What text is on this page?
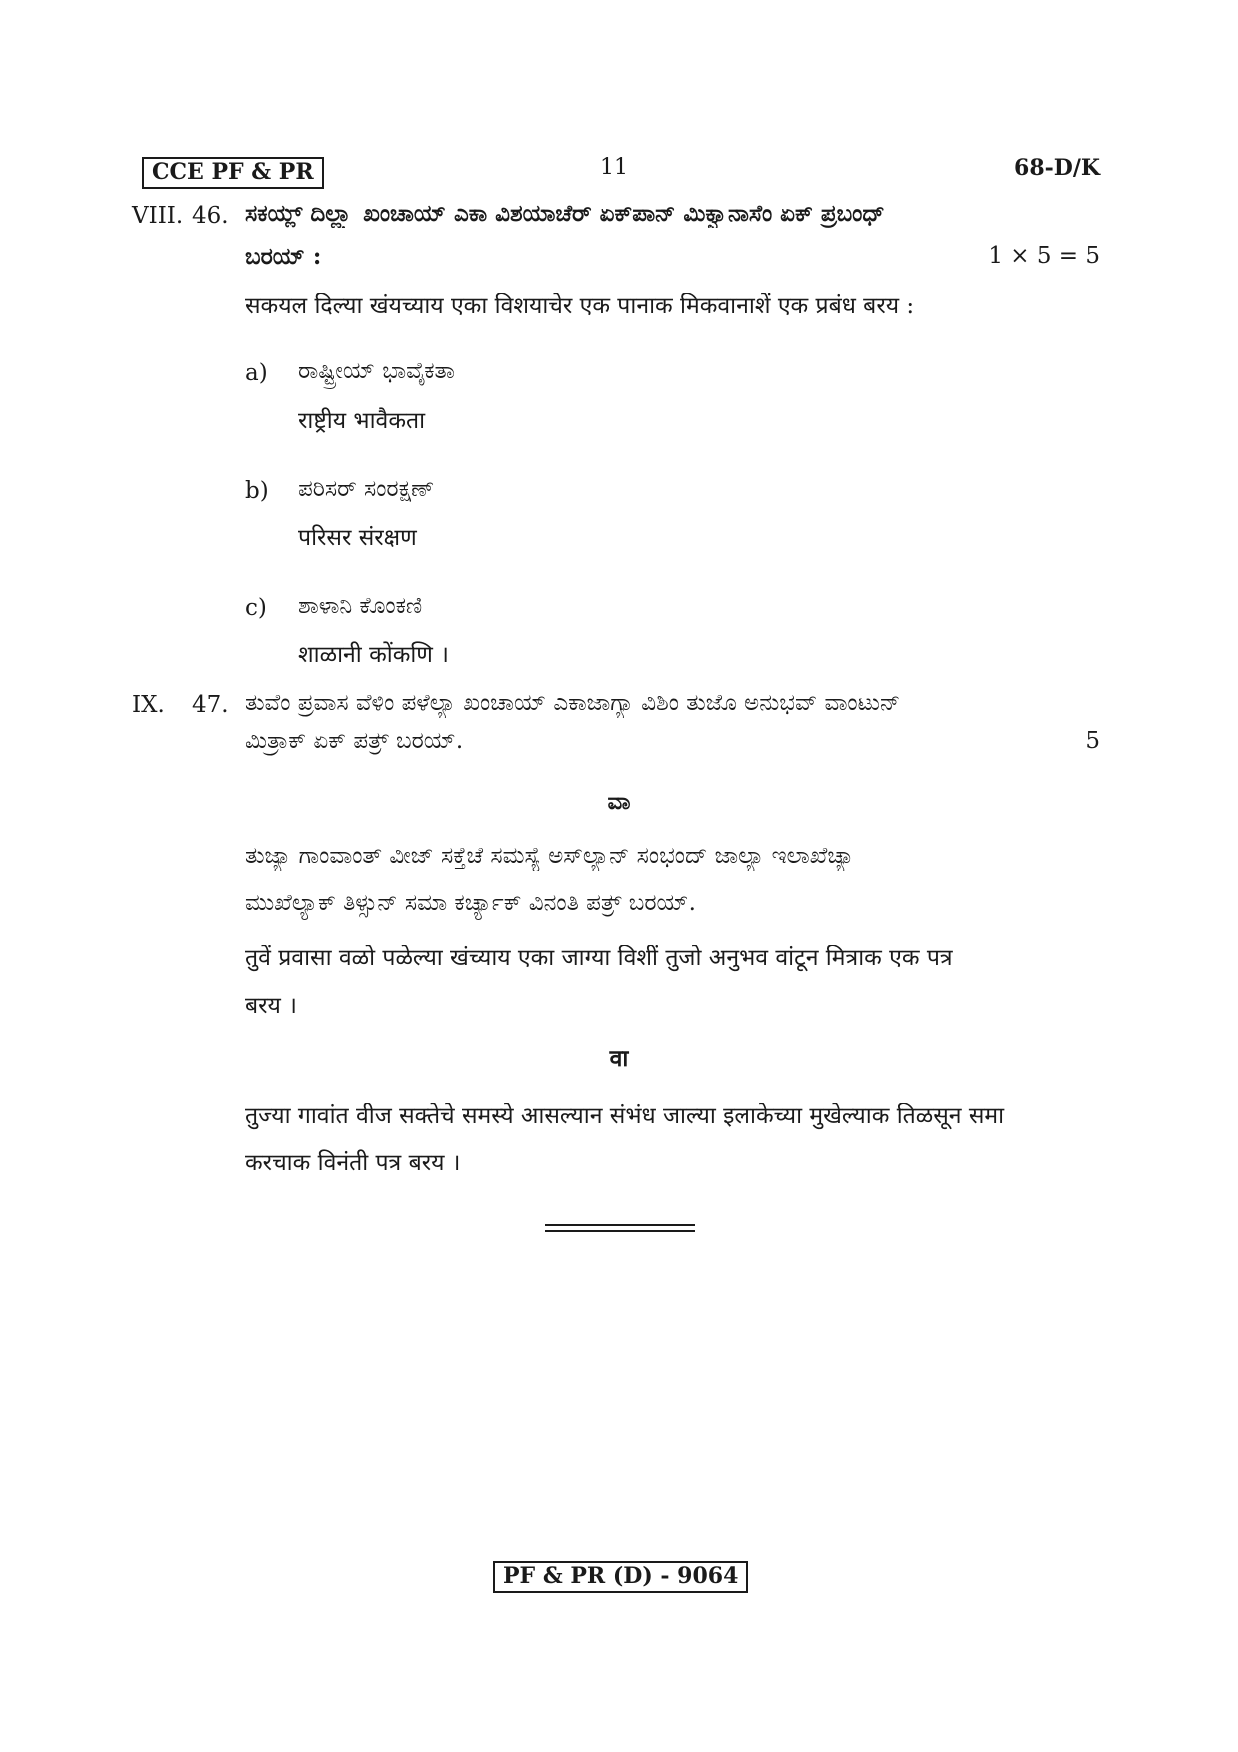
CCE PF & PR	11	68-D/K
VIII. 46. ಸಕಯ್ಲ್ ದಿಲ್ಲ್ಯಾ ಖಂಚಾಯ್ ಎಕಾ ವಿಶಯಾಚೆರ್ ಏಕ್‌ಪಾನ್ ಮಿಕ್ವಾನಾಸೆಂ ಏಕ್ ಪ್ರಬಂಧ್
ಬರಯ್ :	1 × 5 = 5
सकयल दिल्या खंयच्याय एका विशयाचेर एक पानाक मिकवानाशें एक प्रबंध बरय :
a) ರಾಷ್ಟ್ರೀಯ್ ಭಾವೈಕತಾ
राष्ट्रीय भावैकता
b) ಪರಿಸರ್ ಸಂರಕ್ಷಣ್
परिसर संरक्षण
c) ಶಾಳಾನಿ ಕೊಂಕಣಿ
शाळानी कोंकणि ।
IX. 47. ತುವೆಂ ಪ್ರವಾಸ ವೆಳಿಂ ಪಳೆಲ್ಯಾ ಖಂಚಾಯ್ ಎಕಾಜಾಗ್ಯಾ ವಿಶಿಂ ತುಜೊ ಅನುಭವ್ ವಾಂಟುನ್
ಮಿತ್ರಾಕ್ ಏಕ್ ಪತ್ರ್ ಬರಯ್.	5
ವಾ
ತುಜ್ಯಾ ಗಾಂವಾಂತ್ ವೀಜ್ ಸಕ್ತೆಚೆ ಸಮಸ್ಯೆ ಅಸ್‌ಲ್ಯಾನ್ ಸಂಭಂದ್ ಜಾಲ್ಯಾ ಇಲಾಖೆಚ್ಯಾ
ಮುಖೆಲ್ಯಾಕ್ ತಿಳ್ಸುನ್ ಸಮಾ ಕರ್ಚ್ಯಾಕ್ ವಿನಂತಿ ಪತ್ರ್ ಬರಯ್.
तुवें प्रवासा वळो पळेल्या खंच्याय एका जाग्या विशीं तुजो अनुभव वांटून मित्राक एक पत्र
बरय ।
वा
तुज्या गावांत वीज सक्तेचे समस्ये आसल्यान संभंध जाल्या इलाकेच्या मुखेल्याक तिळसून समा
करचाक विनंती पत्र बरय ।
PF & PR (D) - 9064
